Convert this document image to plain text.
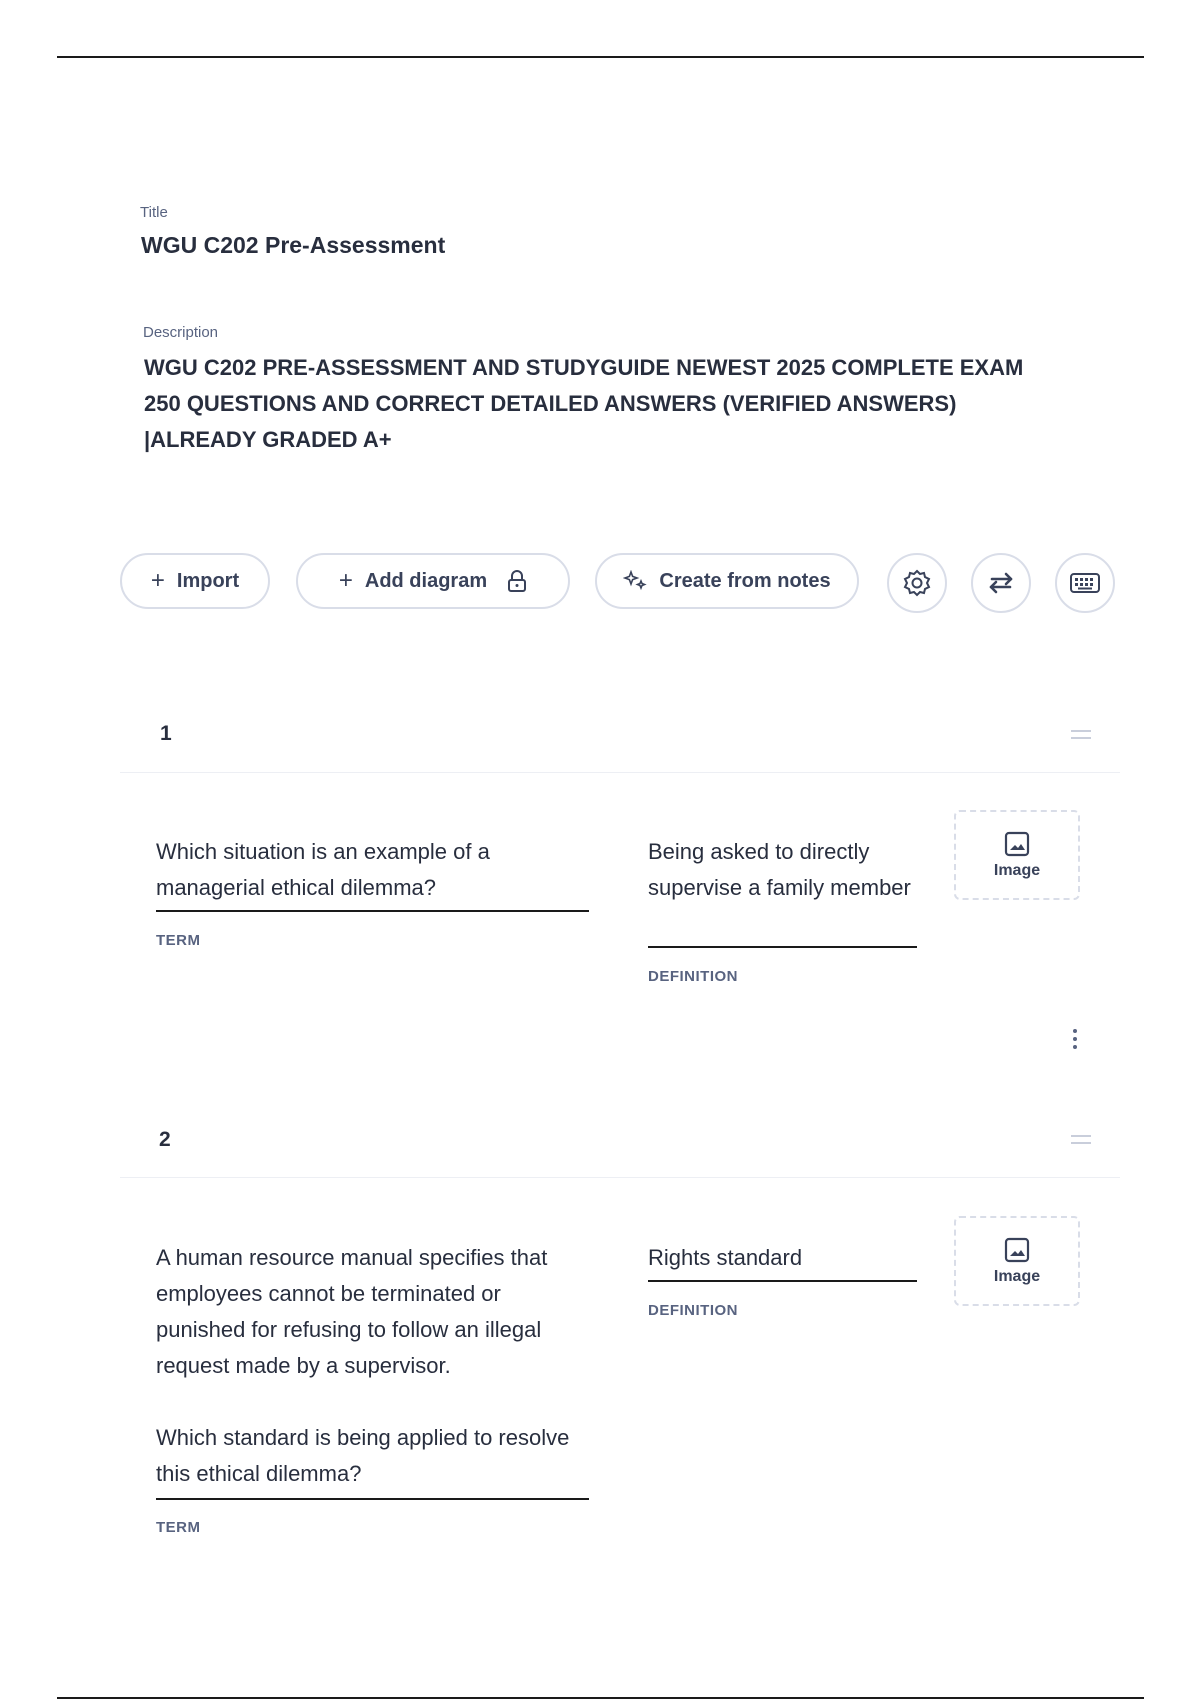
Title
WGU C202 Pre-Assessment
Description
WGU C202 PRE-ASSESSMENT AND STUDYGUIDE NEWEST 2025 COMPLETE EXAM 250 QUESTIONS AND CORRECT DETAILED ANSWERS (VERIFIED ANSWERS) |ALREADY GRADED A+
+ Import	+ Add diagram	Create from notes
1
Which situation is an example of a managerial ethical dilemma?
TERM
Being asked to directly supervise a family member
DEFINITION
Image
2
A human resource manual specifies that employees cannot be terminated or punished for refusing to follow an illegal request made by a supervisor.

Which standard is being applied to resolve this ethical dilemma?
TERM
Rights standard
DEFINITION
Image
